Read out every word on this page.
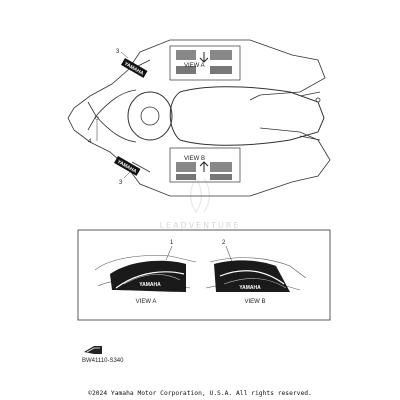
LEADVENTURE
VIEW A
VIEW B
YAMAHA
YAMAHA
3
4
3
YAMAHA
1
VIEW A
YAMAHA
2
VIEW B
BW41110-S340
©2024 Yamaha Motor Corporation, U.S.A. All rights reserved.
